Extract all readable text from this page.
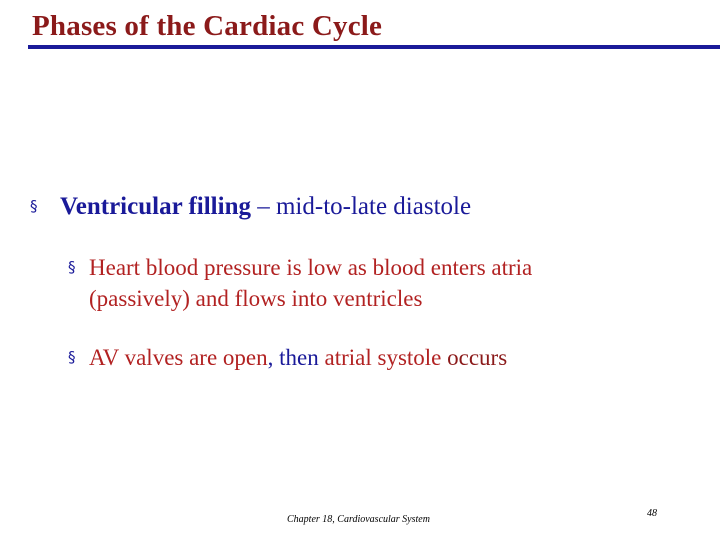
Phases of the Cardiac Cycle
§ Ventricular filling – mid-to-late diastole
§ Heart blood pressure is low as blood enters atria
(passively) and flows into ventricles
§ AV valves are open, then atrial systole occurs
Chapter 18, Cardiovascular System
48
